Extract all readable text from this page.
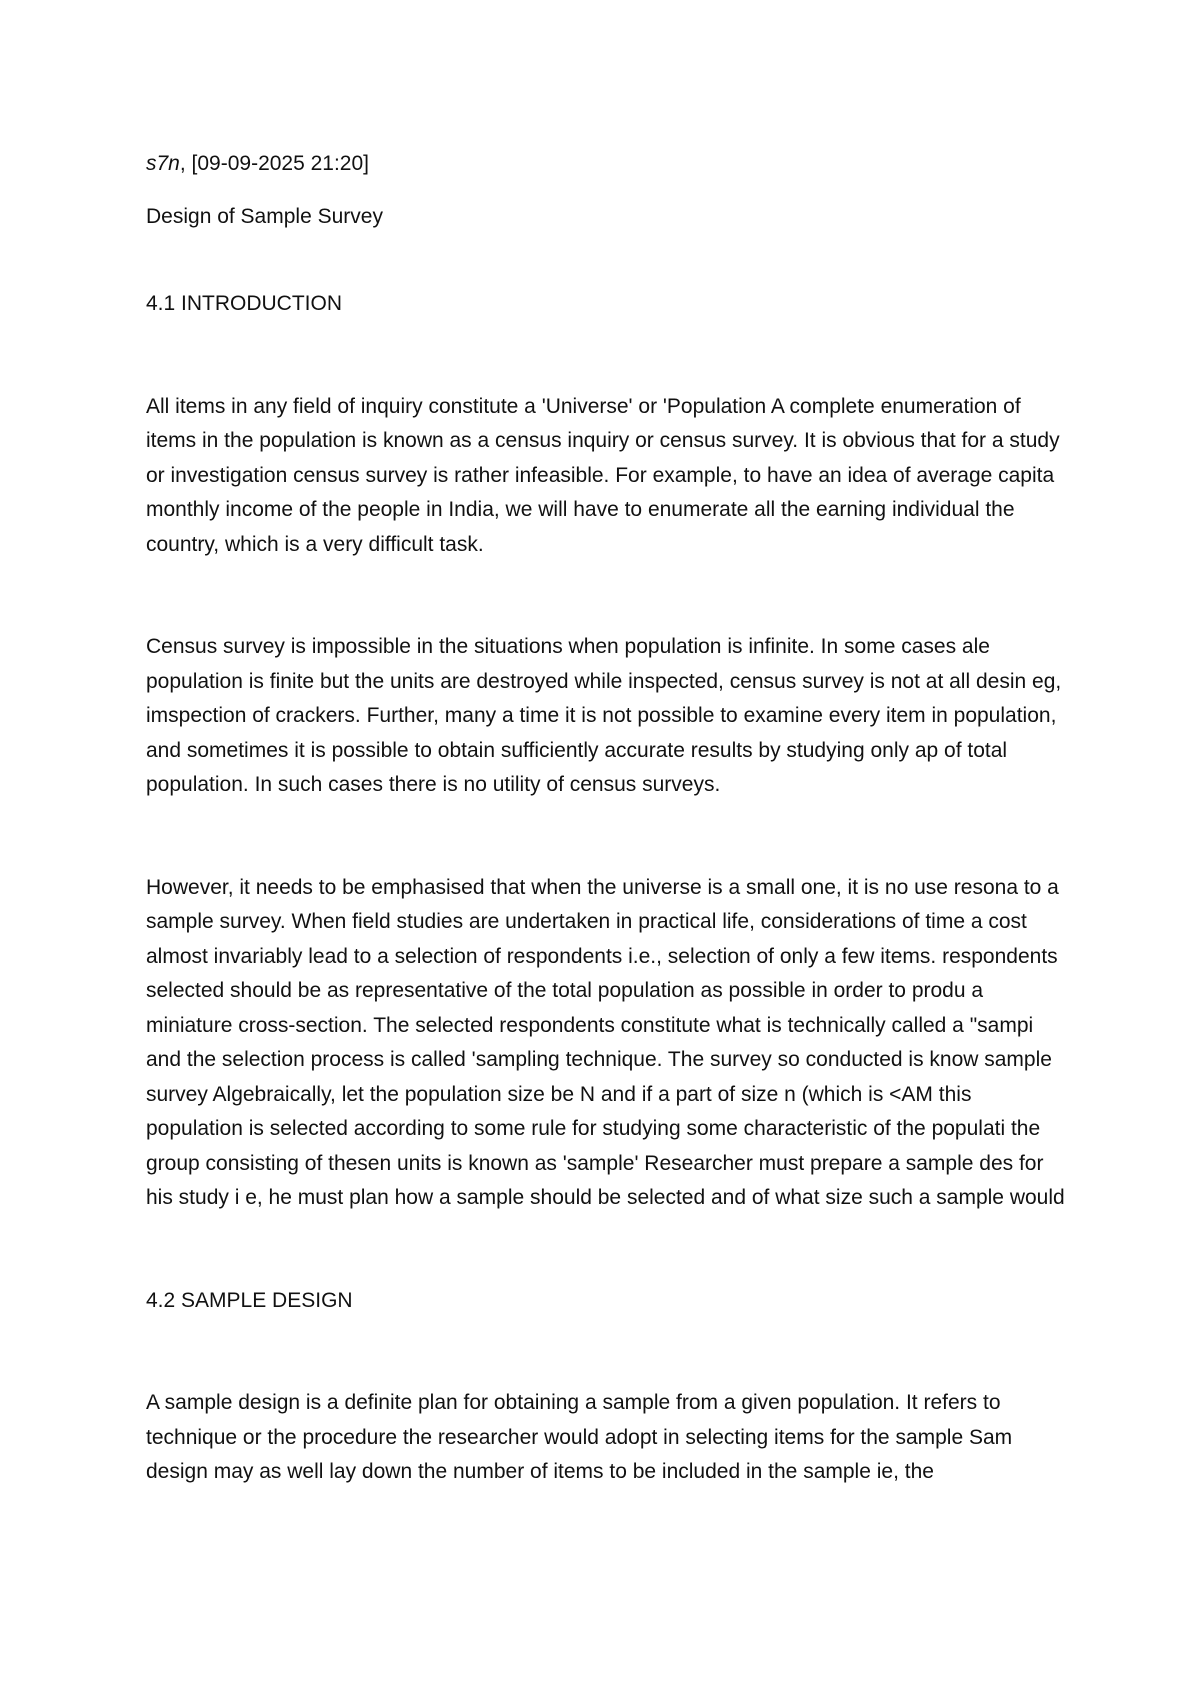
s7n, [09-09-2025 21:20]

Design of Sample Survey

4.1 INTRODUCTION

All items in any field of inquiry constitute a 'Universe' or 'Population A complete enumeration of items in the population is known as a census inquiry or census survey. It is obvious that for a study or investigation census survey is rather infeasible. For example, to have an idea of average capita monthly income of the people in India, we will have to enumerate all the earning individual the country, which is a very difficult task.

Census survey is impossible in the situations when population is infinite. In some cases ale population is finite but the units are destroyed while inspected, census survey is not at all desin eg, imspection of crackers. Further, many a time it is not possible to examine every item in population, and sometimes it is possible to obtain sufficiently accurate results by studying only ap of total population. In such cases there is no utility of census surveys.

However, it needs to be emphasised that when the universe is a small one, it is no use resona to a sample survey. When field studies are undertaken in practical life, considerations of time a cost almost invariably lead to a selection of respondents i.e., selection of only a few items. respondents selected should be as representative of the total population as possible in order to produ a miniature cross-section. The selected respondents constitute what is technically called a "sampi and the selection process is called 'sampling technique. The survey so conducted is know sample survey Algebraically, let the population size be N and if a part of size n (which is <AM this population is selected according to some rule for studying some characteristic of the populati the group consisting of thesen units is known as 'sample' Researcher must prepare a sample des for his study i e, he must plan how a sample should be selected and of what size such a sample would

4.2 SAMPLE DESIGN

A sample design is a definite plan for obtaining a sample from a given population. It refers to technique or the procedure the researcher would adopt in selecting items for the sample Sam design may as well lay down the number of items to be included in the sample ie, the
